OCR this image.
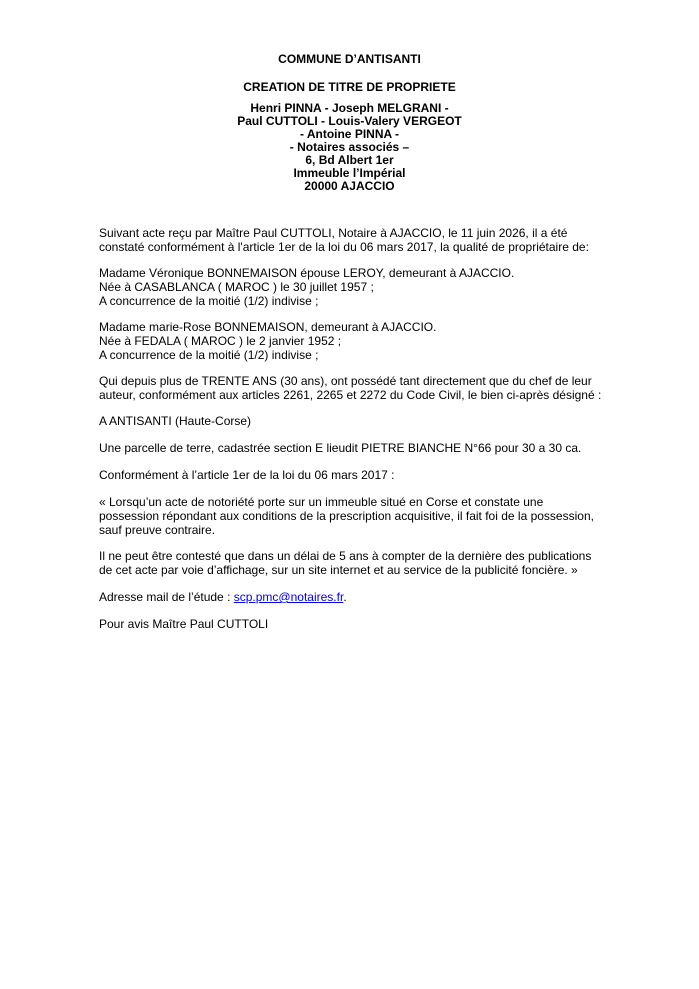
COMMUNE D’ANTISANTI
CREATION DE TITRE DE PROPRIETE
Henri PINNA - Joseph MELGRANI -
Paul CUTTOLI - Louis-Valery VERGEOT
- Antoine PINNA -
- Notaires associés –
6, Bd Albert 1er
Immeuble l’Impérial
20000 AJACCIO
Suivant acte reçu par Maître Paul CUTTOLI, Notaire à AJACCIO, le 11 juin 2026, il a été
constaté conformément à l'article 1er de la loi du 06 mars 2017, la qualité de propriétaire de:
Madame Véronique BONNEMAISON épouse LEROY, demeurant à AJACCIO.
Née à CASABLANCA ( MAROC ) le 30 juillet 1957 ;
A concurrence de la moitié (1/2) indivise ;
Madame marie-Rose BONNEMAISON, demeurant à AJACCIO.
Née à FEDALA ( MAROC ) le 2 janvier 1952 ;
A concurrence de la moitié (1/2) indivise ;
Qui depuis plus de TRENTE ANS (30 ans), ont possédé tant directement que du chef de leur
auteur, conformément aux articles 2261, 2265 et 2272 du Code Civil, le bien ci-après désigné :
A ANTISANTI (Haute-Corse)
Une parcelle de terre, cadastrée section E lieudit PIETRE BIANCHE N°66 pour 30 a 30 ca.
Conformément à l’article 1er de la loi du 06 mars 2017 :
« Lorsqu’un acte de notoriété porte sur un immeuble situé en Corse et constate une
possession répondant aux conditions de la prescription acquisitive, il fait foi de la possession,
sauf preuve contraire.
Il ne peut être contesté que dans un délai de 5 ans à compter de la dernière des publications
de cet acte par voie d’affichage, sur un site internet et au service de la publicité foncière. »
Adresse mail de l’étude : scp.pmc@notaires.fr.
Pour avis Maître Paul CUTTOLI
